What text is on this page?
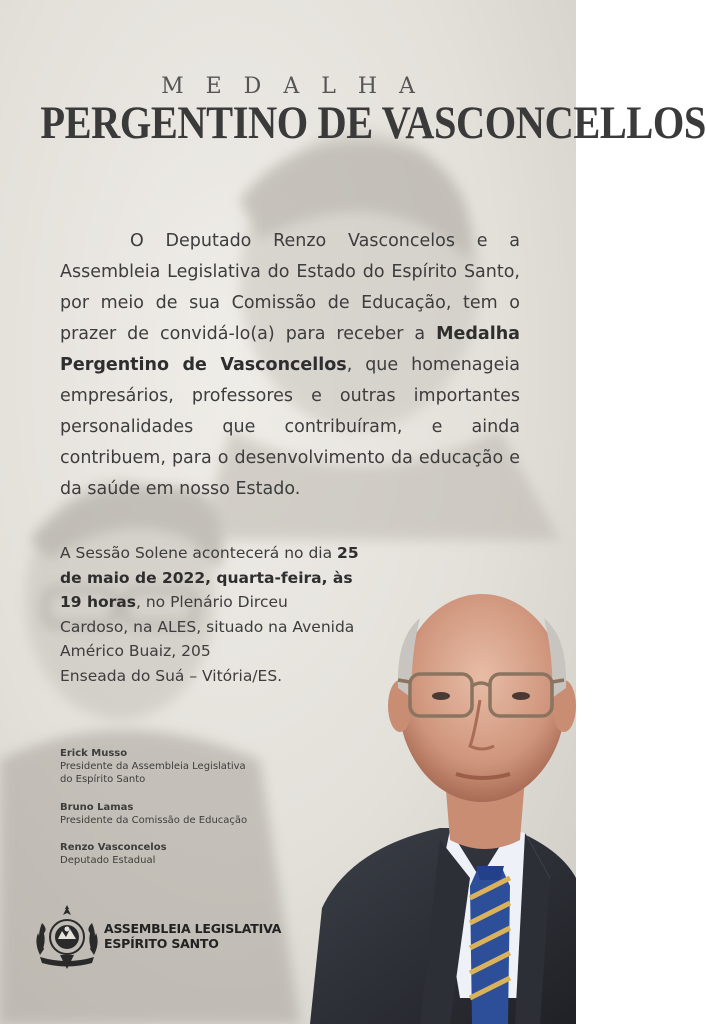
MEDALHA
PERGENTINO DE VASCONCELLOS

O Deputado Renzo Vasconcelos e a Assembleia Legislativa do Estado do Espírito Santo, por meio de sua Comissão de Educação, tem o prazer de convidá-lo(a) para receber a Medalha Pergentino de Vasconcellos, que homenageia empresários, professores e outras importantes personalidades que contribuíram, e ainda contribuem, para o desenvolvimento da educação e da saúde em nosso Estado.

A Sessão Solene acontecerá no dia 25 de maio de 2022, quarta-feira, às 19 horas, no Plenário Dirceu Cardoso, na ALES, situado na Avenida Américo Buaiz, 205
Enseada do Suá – Vitória/ES.
Erick Musso
Presidente da Assembleia Legislativa
do Espírito Santo
Bruno Lamas
Presidente da Comissão de Educação
Renzo Vasconcelos
Deputado Estadual
ASSEMBLEIA LEGISLATIVA
ESPÍRITO SANTO
